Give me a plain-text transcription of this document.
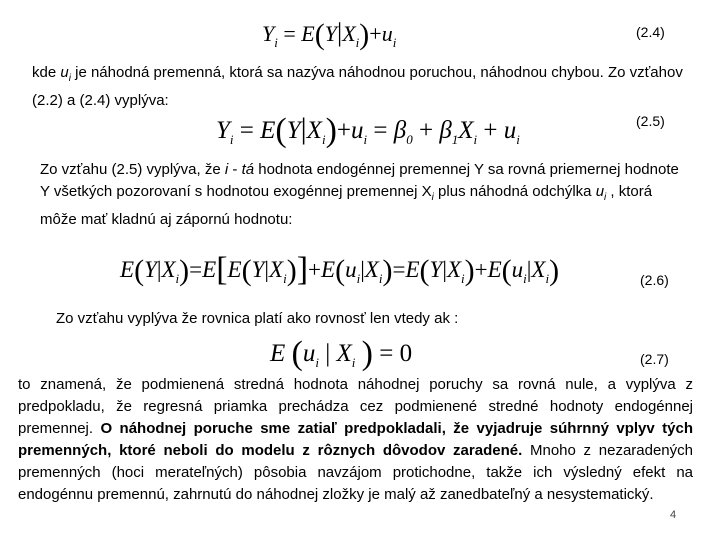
$Y_i = E(Y|X_i)+u_i$
(2.4)
kde $u_i$ je náhodná premenná, ktorá sa nazýva náhodnou poruchou, náhodnou chybou. Zo vzťahov (2.2) a (2.4) vyplýva:
$Y_i = E(Y|X_i)+u_i = \beta_0 + \beta_1X_i + u_i$
(2.5)
Zo vzťahu (2.5) vyplýva, že i - tá hodnota endogénnej premennej Y sa rovná priemernej hodnote Y všetkých pozorovaní s hodnotou exogénnej premennej $X_i$ plus náhodná odchýlka $u_i$ , ktorá môže mať kladnú aj zápornú hodnotu:
$E(Y|X_i)=E[E(Y|X_i)]+E(u_i|X_i)=E(Y|X_i)+E(u_i|X_i)$	(2.6)
Zo vzťahu vyplýva že rovnica platí ako rovnosť len vtedy ak :
E ($u_i$ | $X_i$ ) = 0	(2.7)
to znamená, že podmienená stredná hodnota náhodnej poruchy sa rovná nule, a vyplýva z predpokladu, že regresná priamka prechádza cez podmienené stredné hodnoty endogénnej premennej. O náhodnej poruche sme zatiaľ predpokladali, že vyjadruje súhrnný vplyv tých premenných, ktoré neboli do modelu z rôznych dôvodov zaradené. Mnoho z nezaradených premenných (hoci merateľných) pôsobia navzájom protichodne, takže ich výsledný efekt na endogénnu premennú, zahrnutú do náhodnej zložky je malý až zanedbateľný a nesystematický.
4
